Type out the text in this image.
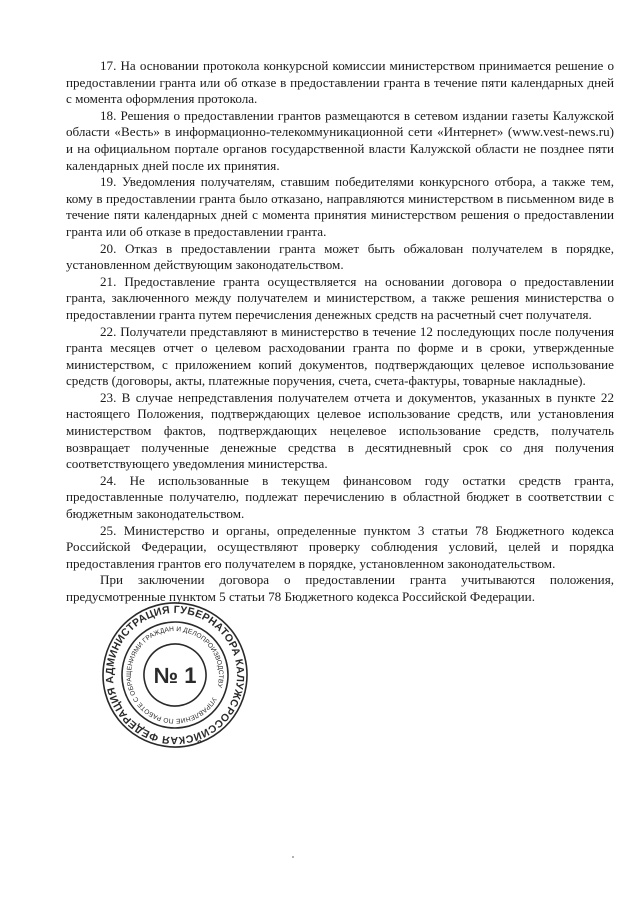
17. На основании протокола конкурсной комиссии министерством принимается решение о предоставлении гранта или об отказе в предоставлении гранта в течение пяти календарных дней с момента оформления протокола.

18. Решения о предоставлении грантов размещаются в сетевом издании газеты Калужской области «Весть» в информационно-телекоммуникационной сети «Интернет» (www.vest-news.ru) и на официальном портале органов государственной власти Калужской области не позднее пяти календарных дней после их принятия.

19. Уведомления получателям, ставшим победителями конкурсного отбора, а также тем, кому в предоставлении гранта было отказано, направляются министерством в письменном виде в течение пяти календарных дней с момента принятия министерством решения о предоставлении гранта или об отказе в предоставлении гранта.

20. Отказ в предоставлении гранта может быть обжалован получателем в порядке, установленном действующим законодательством.

21. Предоставление гранта осуществляется на основании договора о предоставлении гранта, заключенного между получателем и министерством, а также решения министерства о предоставлении гранта путем перечисления денежных средств на расчетный счет получателя.

22. Получатели представляют в министерство в течение 12 последующих после получения гранта месяцев отчет о целевом расходовании гранта по форме и в сроки, утвержденные министерством, с приложением копий документов, подтверждающих целевое использование средств (договоры, акты, платежные поручения, счета, счета-фактуры, товарные накладные).

23. В случае непредставления получателем отчета и документов, указанных в пункте 22 настоящего Положения, подтверждающих целевое использование средств, или установления министерством фактов, подтверждающих нецелевое использование средств, получатель возвращает полученные денежные средства в десятидневный срок со дня получения соответствующего уведомления министерства.

24. Не использованные в текущем финансовом году остатки средств гранта, предоставленные получателю, подлежат перечислению в областной бюджет в соответствии с бюджетным законодательством.

25. Министерство и органы, определенные пунктом 3 статьи 78 Бюджетного кодекса Российской Федерации, осуществляют проверку соблюдения условий, целей и порядка предоставления грантов его получателем в порядке, установленном законодательством.

При заключении договора о предоставлении гранта учитываются положения, предусмотренные пунктом 5 статьи 78 Бюджетного кодекса Российской Федерации.

РОССИЙСКАЯ ФЕДЕРАЦИЯ АДМИНИСТРАЦИЯ ГУБЕРНАТОРА КАЛУЖСКОЙ
УПРАВЛЕНИЕ ПО РАБОТЕ С ОБРАЩЕНИЯМИ ГРАЖДАН И ДЕЛОПРОИЗВОДСТВУ
№ 1
